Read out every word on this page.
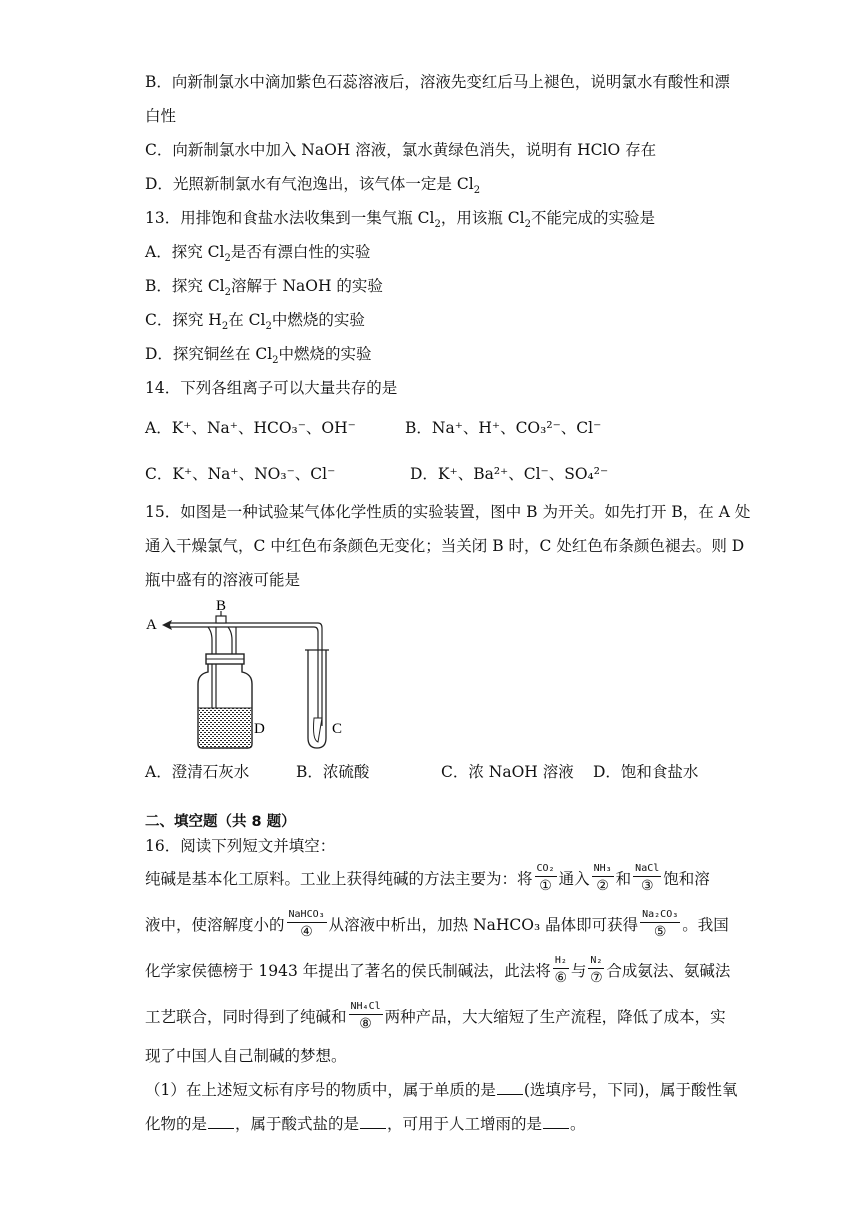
B．向新制氯水中滴加紫色石蕊溶液后，溶液先变红后马上褪色，说明氯水有酸性和漂
白性
C．向新制氯水中加入 NaOH 溶液，氯水黄绿色消失，说明有 HClO 存在
D．光照新制氯水有气泡逸出，该气体一定是 $Cl_2$
13．用排饱和食盐水法收集到一集气瓶 $Cl_2$，用该瓶 $Cl_2$不能完成的实验是
A．探究 $Cl_2$是否有漂白性的实验
B．探究 $Cl_2$溶解于 NaOH 的实验
C．探究 $H_2$在 $Cl_2$中燃烧的实验
D．探究铜丝在 $Cl_2$中燃烧的实验
14．下列各组离子可以大量共存的是
A．K⁺、Na⁺、HCO₃⁻、OH⁻	B．Na⁺、H⁺、CO₃²⁻、Cl⁻
C．K⁺、Na⁺、NO₃⁻、Cl⁻	D．K⁺、Ba²⁺、Cl⁻、SO₄²⁻
15．如图是一种试验某气体化学性质的实验装置，图中 B 为开关。如先打开 B，在 A 处
通入干燥氯气，C 中红色布条颜色无变化；当关闭 B 时，C 处红色布条颜色褪去。则 D
瓶中盛有的溶液可能是
A
B
D	C
A．澄清石灰水	B．浓硫酸	C．浓 NaOH 溶液 D．饱和食盐水
二、填空题（共 8 题）
16．阅读下列短文并填空：
纯碱是基本化工原料。工业上获得纯碱的方法主要为：将 $\frac{\text{CO₂}}{\text{①}}$ 通入 $\frac{\text{NH₃}}{\text{②}}$ 和 $\frac{\text{NaCl}}{\text{③}}$ 饱和溶
液中，使溶解度小的 $\frac{\text{NaHCO₃}}{\text{④}}$ 从溶液中析出，加热 NaHCO₃ 晶体即可获得 $\frac{\text{Na₂CO₃}}{\text{⑤}}$ 。我国
化学家侯德榜于 1943 年提出了著名的侯氏制碱法，此法将 $\frac{\text{H₂}}{\text{⑥}}$ 与 $\frac{\text{N₂}}{\text{⑦}}$ 合成氨法、氨碱法
工艺联合，同时得到了纯碱和 $\frac{\text{NH₄Cl}}{\text{⑧}}$ 两种产品，大大缩短了生产流程，降低了成本，实
现了中国人自己制碱的梦想。
（1）在上述短文标有序号的物质中，属于单质的是 (选填序号，下同)，属于酸性氧
化物的是 ，属于酸式盐的是 ，可用于人工增雨的是 。
